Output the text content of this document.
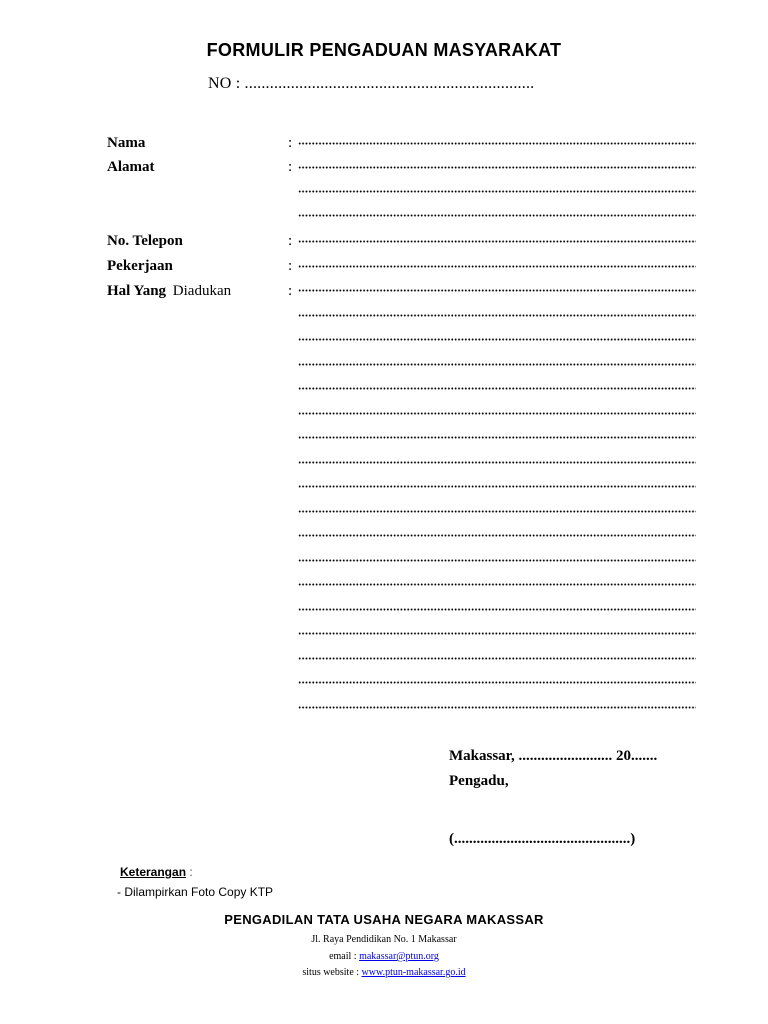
FORMULIR PENGADUAN MASYARAKAT
NO : .....................................................................
Nama	:
Alamat	:
No. Telepon	:
Pekerjaan	:
Hal Yang Diadukan	:
Makassar, ......................... 20.......
Pengadu,
(...............................................)
Keterangan :
- Dilampirkan Foto Copy KTP
PENGADILAN TATA USAHA NEGARA MAKASSAR
Jl. Raya Pendidikan No. 1 Makassar
email : makassar@ptun.org
situs website : www.ptun-makassar.go.id
